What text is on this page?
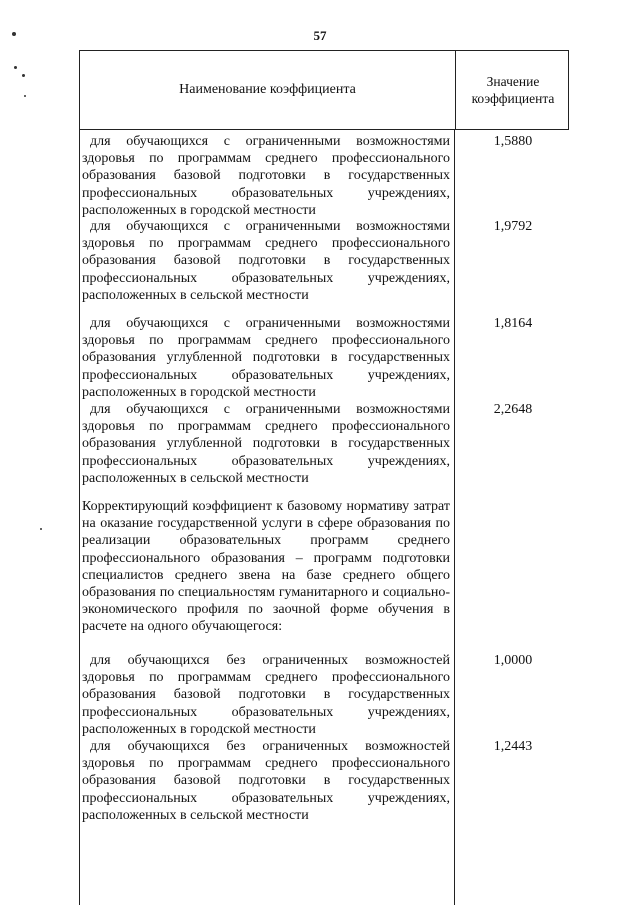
57
Наименование коэффициента
Значение
коэффициента
для обучающихся с ограниченными возможностями здоровья по программам среднего профессионального образования базовой подготовки в государственных профессиональных образовательных учреждениях, расположенных в городской местности
1,5880
для обучающихся с ограниченными возможностями здоровья по программам среднего профессионального образования базовой подготовки в государственных профессиональных образовательных учреждениях, расположенных в сельской местности
1,9792
для обучающихся с ограниченными возможностями здоровья по программам среднего профессионального образования углубленной подготовки в государственных профессиональных образовательных учреждениях, расположенных в городской местности
1,8164
для обучающихся с ограниченными возможностями здоровья по программам среднего профессионального образования углубленной подготовки в государственных профессиональных образовательных учреждениях, расположенных в сельской местности
2,2648
Корректирующий коэффициент к базовому нормативу затрат на оказание государственной услуги в сфере образования по реализации образовательных программ среднего профессионального образования – программ подготовки специалистов среднего звена на базе среднего общего образования по специальностям гуманитарного и социально-экономического профиля по заочной форме обучения в расчете на одного обучающегося:
для обучающихся без ограниченных возможностей здоровья по программам среднего профессионального образования базовой подготовки в государственных профессиональных образовательных учреждениях, расположенных в городской местности
1,0000
для обучающихся без ограниченных возможностей здоровья по программам среднего профессионального образования базовой подготовки в государственных профессиональных образовательных учреждениях, расположенных в сельской местности
1,2443
